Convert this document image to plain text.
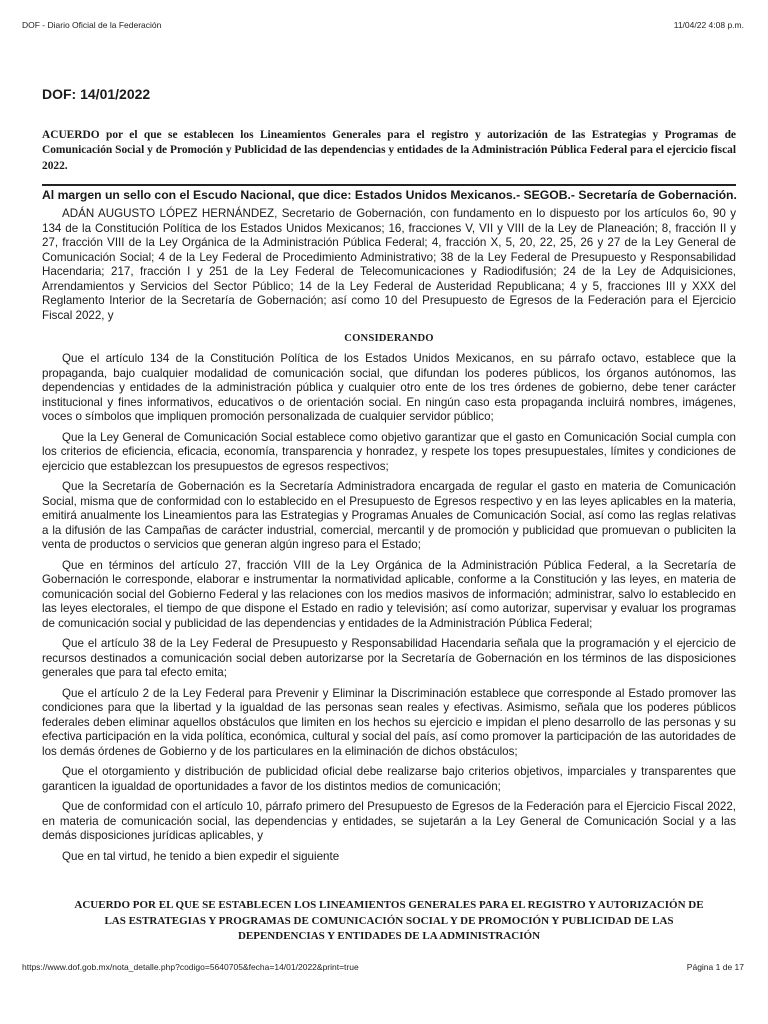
DOF - Diario Oficial de la Federación	11/04/22 4:08 p.m.
DOF: 14/01/2022
ACUERDO por el que se establecen los Lineamientos Generales para el registro y autorización de las Estrategias y Programas de Comunicación Social y de Promoción y Publicidad de las dependencias y entidades de la Administración Pública Federal para el ejercicio fiscal 2022.
Al margen un sello con el Escudo Nacional, que dice: Estados Unidos Mexicanos.- SEGOB.- Secretaría de Gobernación.

ADÁN AUGUSTO LÓPEZ HERNÁNDEZ, Secretario de Gobernación, con fundamento en lo dispuesto por los artículos 6o, 90 y 134 de la Constitución Política de los Estados Unidos Mexicanos; 16, fracciones V, VII y VIII de la Ley de Planeación; 8, fracción II y 27, fracción VIII de la Ley Orgánica de la Administración Pública Federal; 4, fracción X, 5, 20, 22, 25, 26 y 27 de la Ley General de Comunicación Social; 4 de la Ley Federal de Procedimiento Administrativo; 38 de la Ley Federal de Presupuesto y Responsabilidad Hacendaria; 217, fracción I y 251 de la Ley Federal de Telecomunicaciones y Radiodifusión; 24 de la Ley de Adquisiciones, Arrendamientos y Servicios del Sector Público; 14 de la Ley Federal de Austeridad Republicana; 4 y 5, fracciones III y XXX del Reglamento Interior de la Secretaría de Gobernación; así como 10 del Presupuesto de Egresos de la Federación para el Ejercicio Fiscal 2022, y

CONSIDERANDO

Que el artículo 134 de la Constitución Política de los Estados Unidos Mexicanos, en su párrafo octavo, establece que la propaganda, bajo cualquier modalidad de comunicación social, que difundan los poderes públicos, los órganos autónomos, las dependencias y entidades de la administración pública y cualquier otro ente de los tres órdenes de gobierno, debe tener carácter institucional y fines informativos, educativos o de orientación social. En ningún caso esta propaganda incluirá nombres, imágenes, voces o símbolos que impliquen promoción personalizada de cualquier servidor público;

Que la Ley General de Comunicación Social establece como objetivo garantizar que el gasto en Comunicación Social cumpla con los criterios de eficiencia, eficacia, economía, transparencia y honradez, y respete los topes presupuestales, límites y condiciones de ejercicio que establezcan los presupuestos de egresos respectivos;

Que la Secretaría de Gobernación es la Secretaría Administradora encargada de regular el gasto en materia de Comunicación Social, misma que de conformidad con lo establecido en el Presupuesto de Egresos respectivo y en las leyes aplicables en la materia, emitirá anualmente los Lineamientos para las Estrategias y Programas Anuales de Comunicación Social, así como las reglas relativas a la difusión de las Campañas de carácter industrial, comercial, mercantil y de promoción y publicidad que promuevan o publiciten la venta de productos o servicios que generan algún ingreso para el Estado;

Que en términos del artículo 27, fracción VIII de la Ley Orgánica de la Administración Pública Federal, a la Secretaría de Gobernación le corresponde, elaborar e instrumentar la normatividad aplicable, conforme a la Constitución y las leyes, en materia de comunicación social del Gobierno Federal y las relaciones con los medios masivos de información; administrar, salvo lo establecido en las leyes electorales, el tiempo de que dispone el Estado en radio y televisión; así como autorizar, supervisar y evaluar los programas de comunicación social y publicidad de las dependencias y entidades de la Administración Pública Federal;

Que el artículo 38 de la Ley Federal de Presupuesto y Responsabilidad Hacendaria señala que la programación y el ejercicio de recursos destinados a comunicación social deben autorizarse por la Secretaría de Gobernación en los términos de las disposiciones generales que para tal efecto emita;

Que el artículo 2 de la Ley Federal para Prevenir y Eliminar la Discriminación establece que corresponde al Estado promover las condiciones para que la libertad y la igualdad de las personas sean reales y efectivas. Asimismo, señala que los poderes públicos federales deben eliminar aquellos obstáculos que limiten en los hechos su ejercicio e impidan el pleno desarrollo de las personas y su efectiva participación en la vida política, económica, cultural y social del país, así como promover la participación de las autoridades de los demás órdenes de Gobierno y de los particulares en la eliminación de dichos obstáculos;

Que el otorgamiento y distribución de publicidad oficial debe realizarse bajo criterios objetivos, imparciales y transparentes que garanticen la igualdad de oportunidades a favor de los distintos medios de comunicación;

Que de conformidad con el artículo 10, párrafo primero del Presupuesto de Egresos de la Federación para el Ejercicio Fiscal 2022, en materia de comunicación social, las dependencias y entidades, se sujetarán a la Ley General de Comunicación Social y a las demás disposiciones jurídicas aplicables, y

Que en tal virtud, he tenido a bien expedir el siguiente

ACUERDO POR EL QUE SE ESTABLECEN LOS LINEAMIENTOS GENERALES PARA EL REGISTRO Y AUTORIZACIÓN DE LAS ESTRATEGIAS Y PROGRAMAS DE COMUNICACIÓN SOCIAL Y DE PROMOCIÓN Y PUBLICIDAD DE LAS DEPENDENCIAS Y ENTIDADES DE LA ADMINISTRACIÓN
https://www.dof.gob.mx/nota_detalle.php?codigo=5640705&fecha=14/01/2022&print=true	Página 1 de 17
